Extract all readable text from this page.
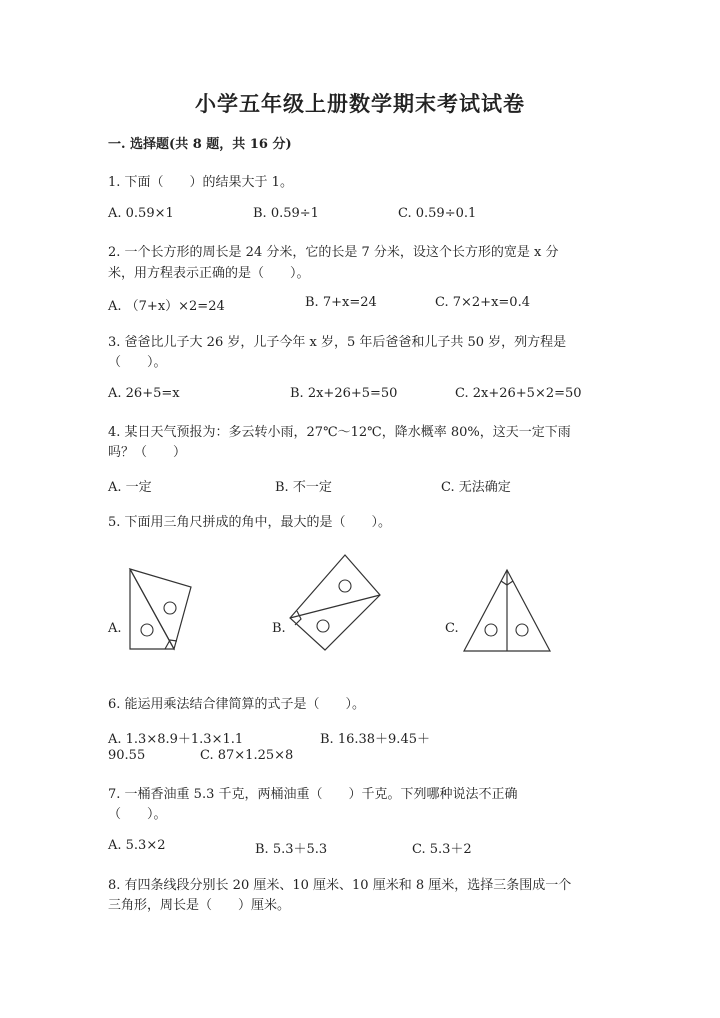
小学五年级上册数学期末考试试卷
一. 选择题(共 8 题，共 16 分)
1. 下面（　　）的结果大于 1。
A. 0.59×1	B. 0.59÷1	C. 0.59÷0.1
2. 一个长方形的周长是 24 分米，它的长是 7 分米，设这个长方形的宽是 x 分
米，用方程表示正确的是（　　）。
A. （7+x）×2=24	B. 7+x=24	C. 7×2+x=0.4
3. 爸爸比儿子大 26 岁，儿子今年 x 岁，5 年后爸爸和儿子共 50 岁，列方程是
（　　）。
A. 26+5=x	B. 2x+26+5=50	C. 2x+26+5×2=50
4. 某日天气预报为：多云转小雨，27℃～12℃，降水概率 80%，这天一定下雨
吗？（　　）
A. 一定	B. 不一定	C. 无法确定
5. 下面用三角尺拼成的角中，最大的是（　　）。
A.	B.	C.
6. 能运用乘法结合律简算的式子是（　　）。
A. 1.3×8.9＋1.3×1.1	B. 16.38＋9.45＋
90.55	C. 87×1.25×8
7. 一桶香油重 5.3 千克，两桶油重（　　）千克。下列哪种说法不正确
（　　）。
A. 5.3×2	B. 5.3＋5.3	C. 5.3＋2
8. 有四条线段分别长 20 厘米、10 厘米、10 厘米和 8 厘米，选择三条围成一个
三角形，周长是（　　）厘米。
